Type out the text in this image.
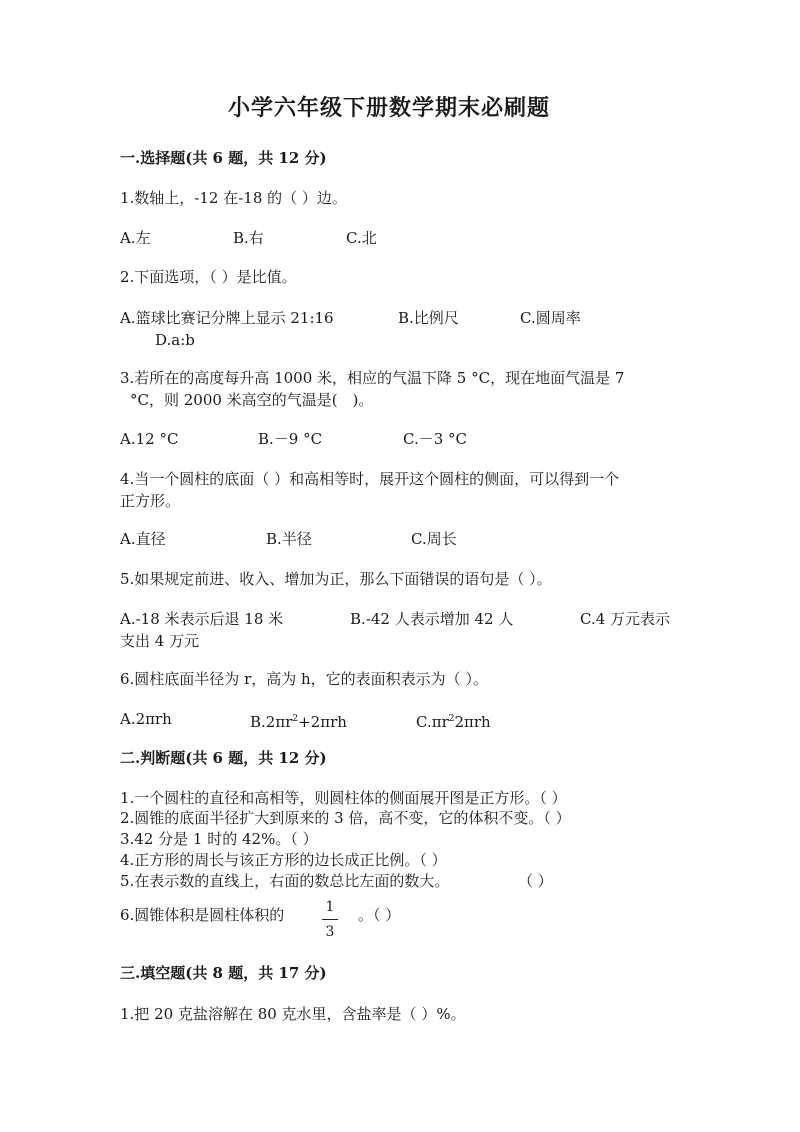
小学六年级下册数学期末必刷题
一.选择题(共 6 题，共 12 分)
1.数轴上，-12 在-18 的（ ）边。
A.左	B.右	C.北
2.下面选项，（ ）是比值。
A.篮球比赛记分牌上显示 21:16	B.比例尺	C.圆周率
D.a:b
3.若所在的高度每升高 1000 米，相应的气温下降 5 °C，现在地面气温是 7
°C，则 2000 米高空的气温是(　)。
A.12 °C	B.－9 °C	C.－3 °C
4.当一个圆柱的底面（ ）和高相等时，展开这个圆柱的侧面，可以得到一个
正方形。
A.直径	B.半径	C.周长
5.如果规定前进、收入、增加为正，那么下面错误的语句是（ ）。
A.-18 米表示后退 18 米	B.-42 人表示增加 42 人	C.4 万元表示
支出 4 万元
6.圆柱底面半径为 r，高为 h，它的表面积表示为（ ）。
A.2πrh	$B.2\pi r^2+2\pi rh$	$C.\pi r^22\pi rh$
二.判断题(共 6 题，共 12 分)
1.一个圆柱的直径和高相等，则圆柱体的侧面展开图是正方形。（ ）
2.圆锥的底面半径扩大到原来的 3 倍，高不变，它的体积不变。（ ）
3.42 分是 1 时的 42%。（ ）
4.正方形的周长与该正方形的边长成正比例。（ ）
5.在表示数的直线上，右面的数总比左面的数大。	（ ）
6.圆锥体积是圆柱体积的	1
3
。（ ）
三.填空题(共 8 题，共 17 分)
1.把 20 克盐溶解在 80 克水里，含盐率是（ ）%。
